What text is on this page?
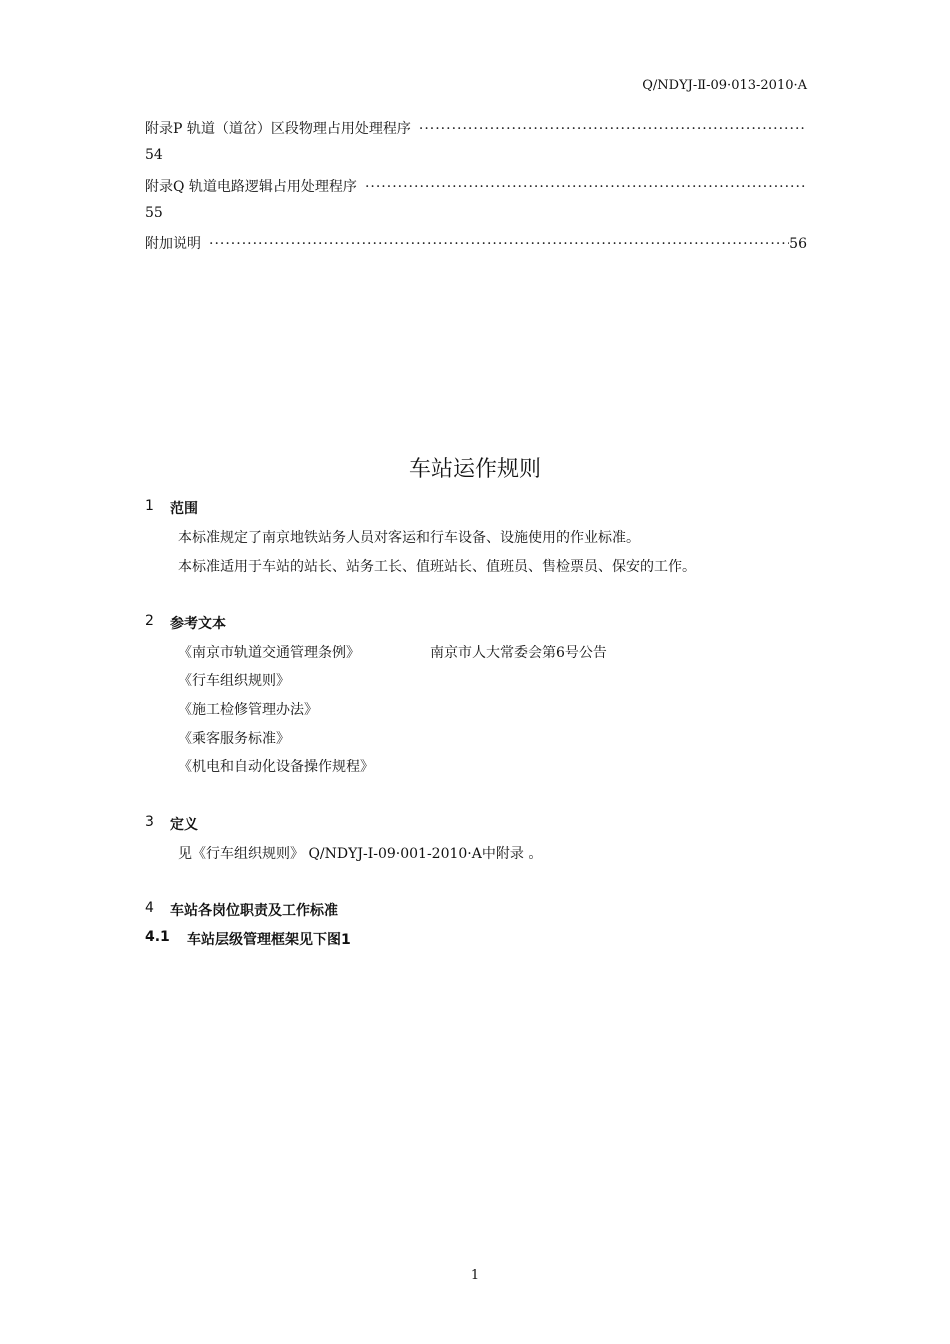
Q/NDYJ-Ⅱ-09·013-2010·A
附录P 轨道（道岔）区段物理占用处理程序
·····
54
附录Q 轨道电路逻辑占用处理程序
·····
55
附加说明
·····	56
车站运作规则
1 范围
本标准规定了南京地铁站务人员对客运和行车设备、设施使用的作业标准。
本标准适用于车站的站长、站务工长、值班站长、值班员、售检票员、保安的工作。
2 参考文本
《南京市轨道交通管理条例》	南京市人大常委会第6号公告
《行车组织规则》
《施工检修管理办法》
《乘客服务标准》
《机电和自动化设备操作规程》
3 定义
见《行车组织规则》 Q/NDYJ-Ⅰ-09·001-2010·A中附录 。
4 车站各岗位职责及工作标准
4.1 车站层级管理框架见下图1
1
